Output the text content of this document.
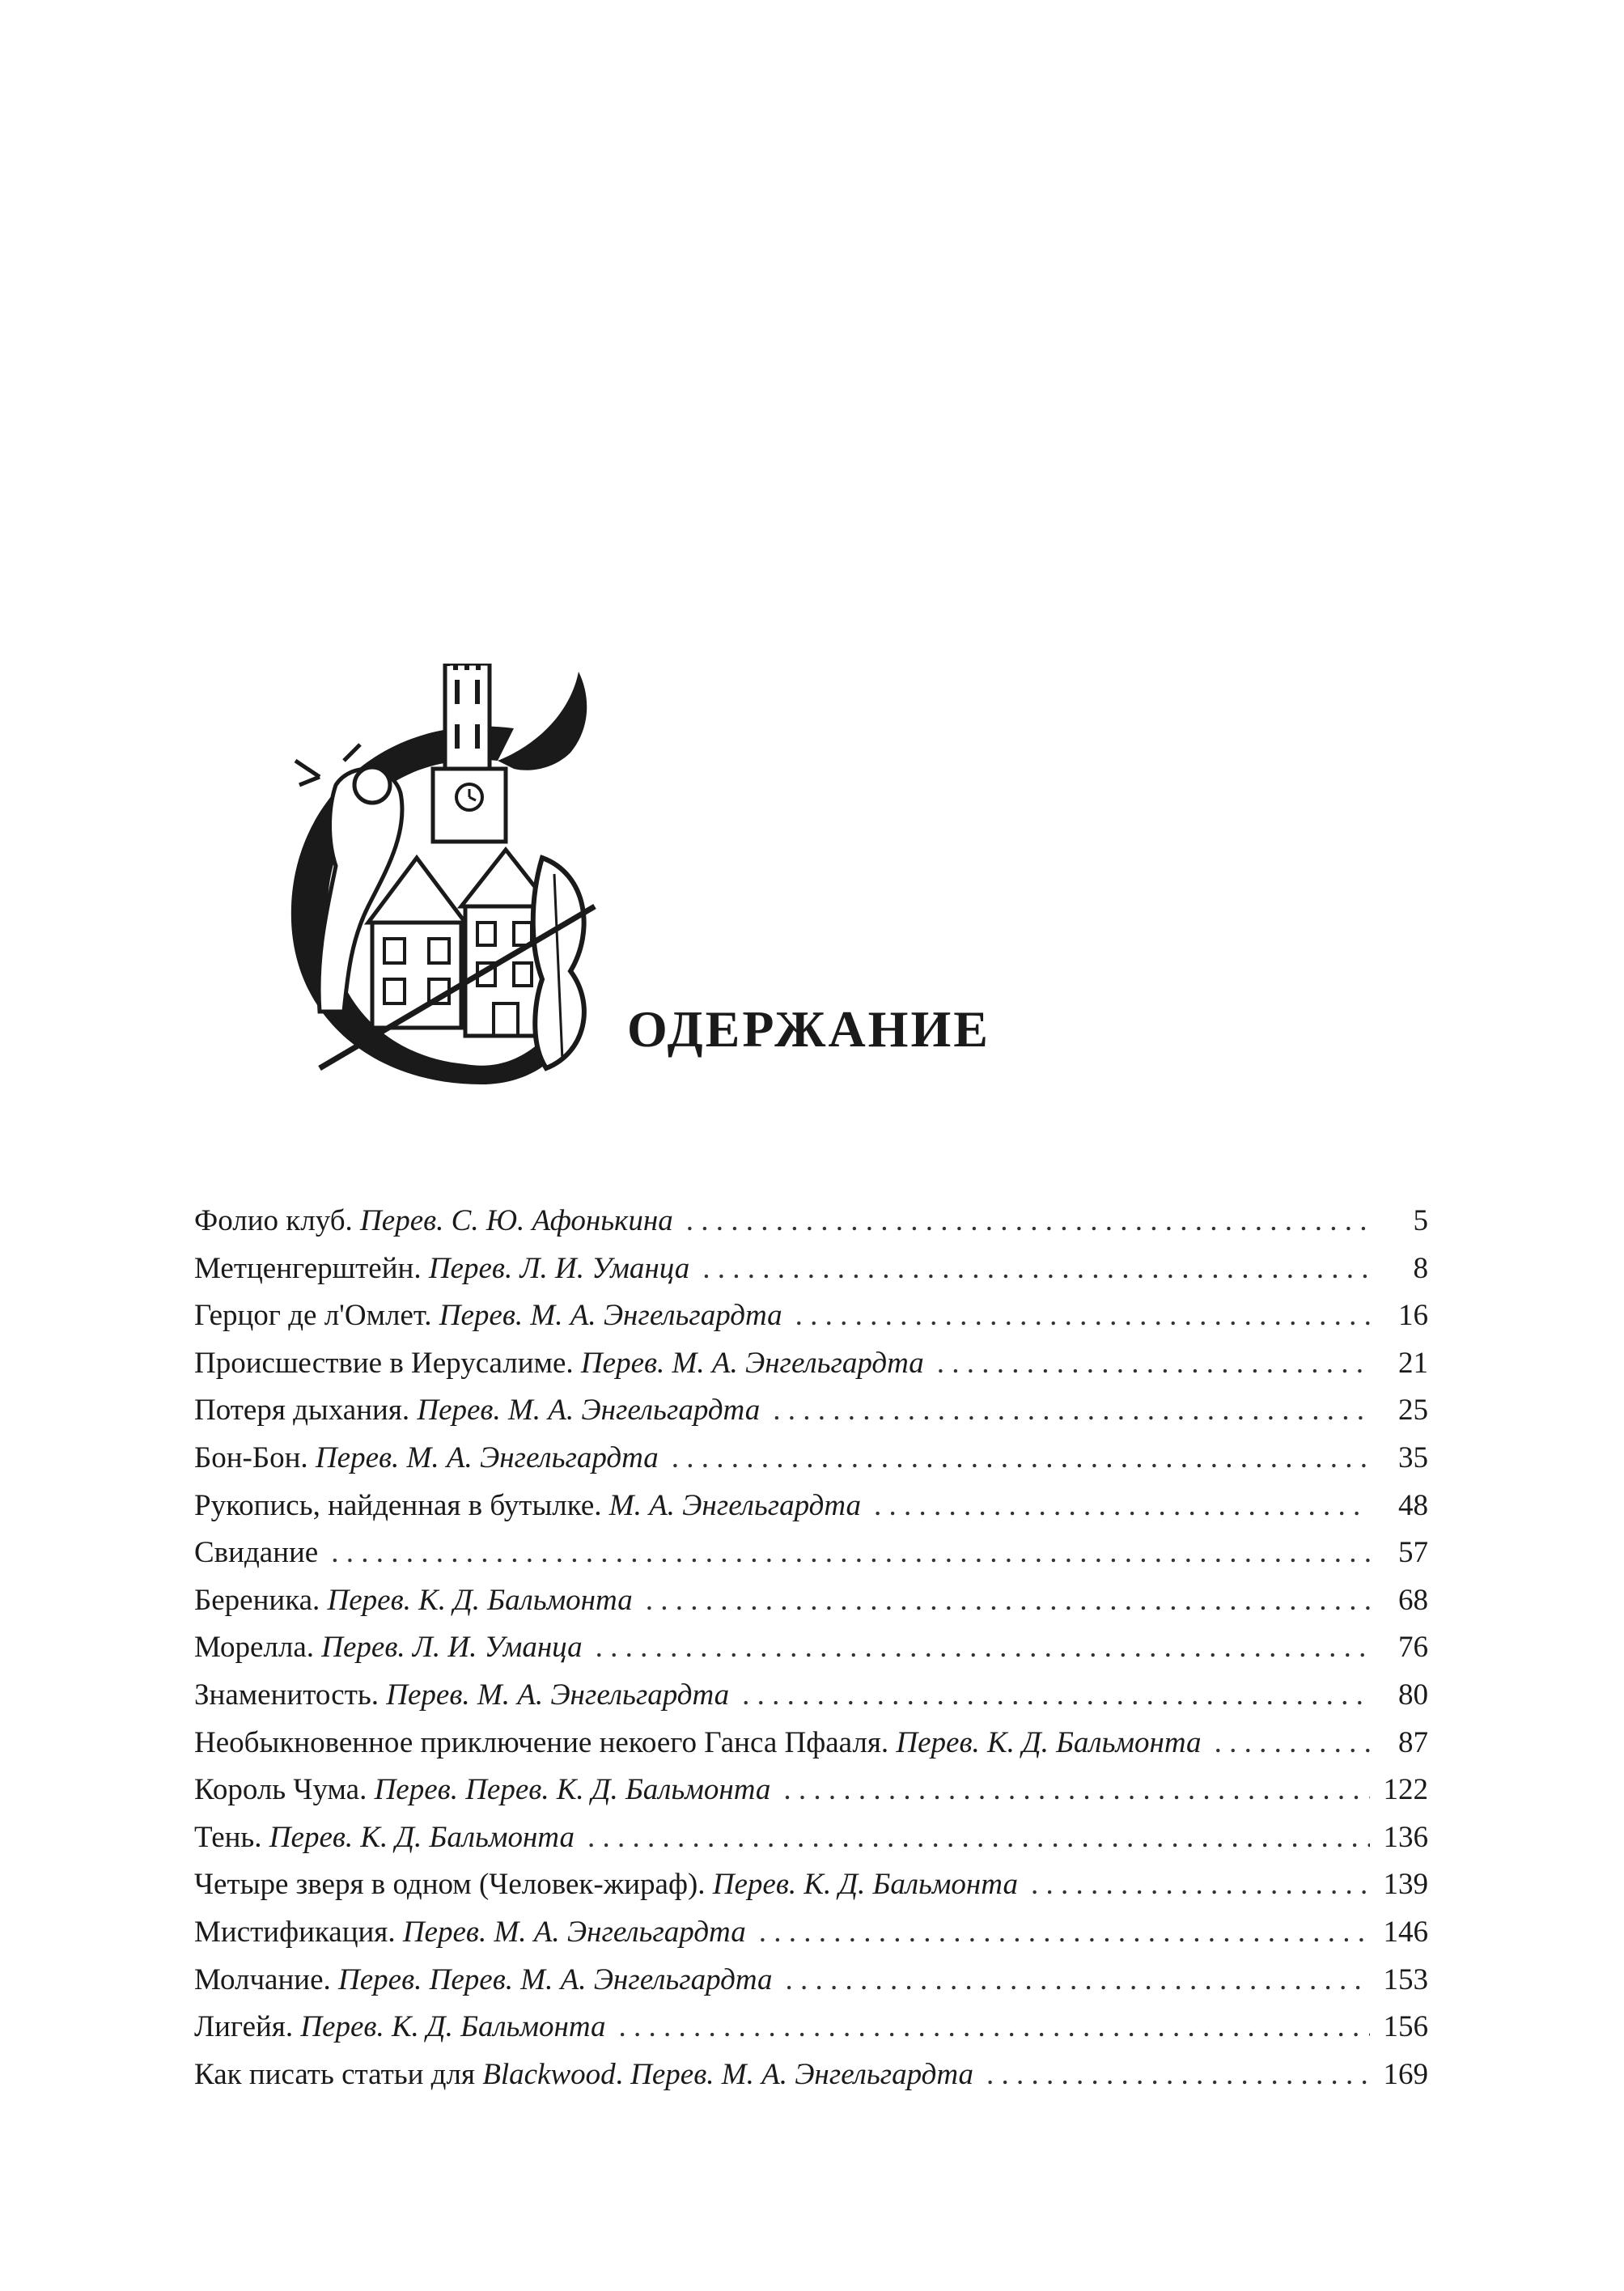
С
ОДЕРЖАНИЕ
Фолио клуб. Перев. С. Ю. Афонькина . . .	5
Метценгерштейн. Перев. Л. И. Уманца . . .	8
Герцог де л'Омлет. Перев. М. А. Энгельгардта . . .	16
Происшествие в Иерусалиме. Перев. М. А. Энгельгардта . . .	21
Потеря дыхания. Перев. М. А. Энгельгардта . . .	25
Бон-Бон. Перев. М. А. Энгельгардта . . .	35
Рукопись, найденная в бутылке. М. А. Энгельгардта . . .	48
Свидание . . .	57
Береника. Перев. К. Д. Бальмонта . . .	68
Морелла. Перев. Л. И. Уманца . . .	76
Знаменитость. Перев. М. А. Энгельгардта . . .	80
Необыкновенное приключение некоего Ганса Пфааля. Перев. К. Д. Бальмонта . . .	87
Король Чума. Перев. Перев. К. Д. Бальмонта . . .	122
Тень. Перев. К. Д. Бальмонта . . .	136
Четыре зверя в одном (Человек-жираф). Перев. К. Д. Бальмонта . . .	139
Мистификация. Перев. М. А. Энгельгардта . . .	146
Молчание. Перев. Перев. М. А. Энгельгардта . . .	153
Лигейя. Перев. К. Д. Бальмонта . . .	156
Как писать статьи для Blackwood. Перев. М. А. Энгельгардта . . .	169
